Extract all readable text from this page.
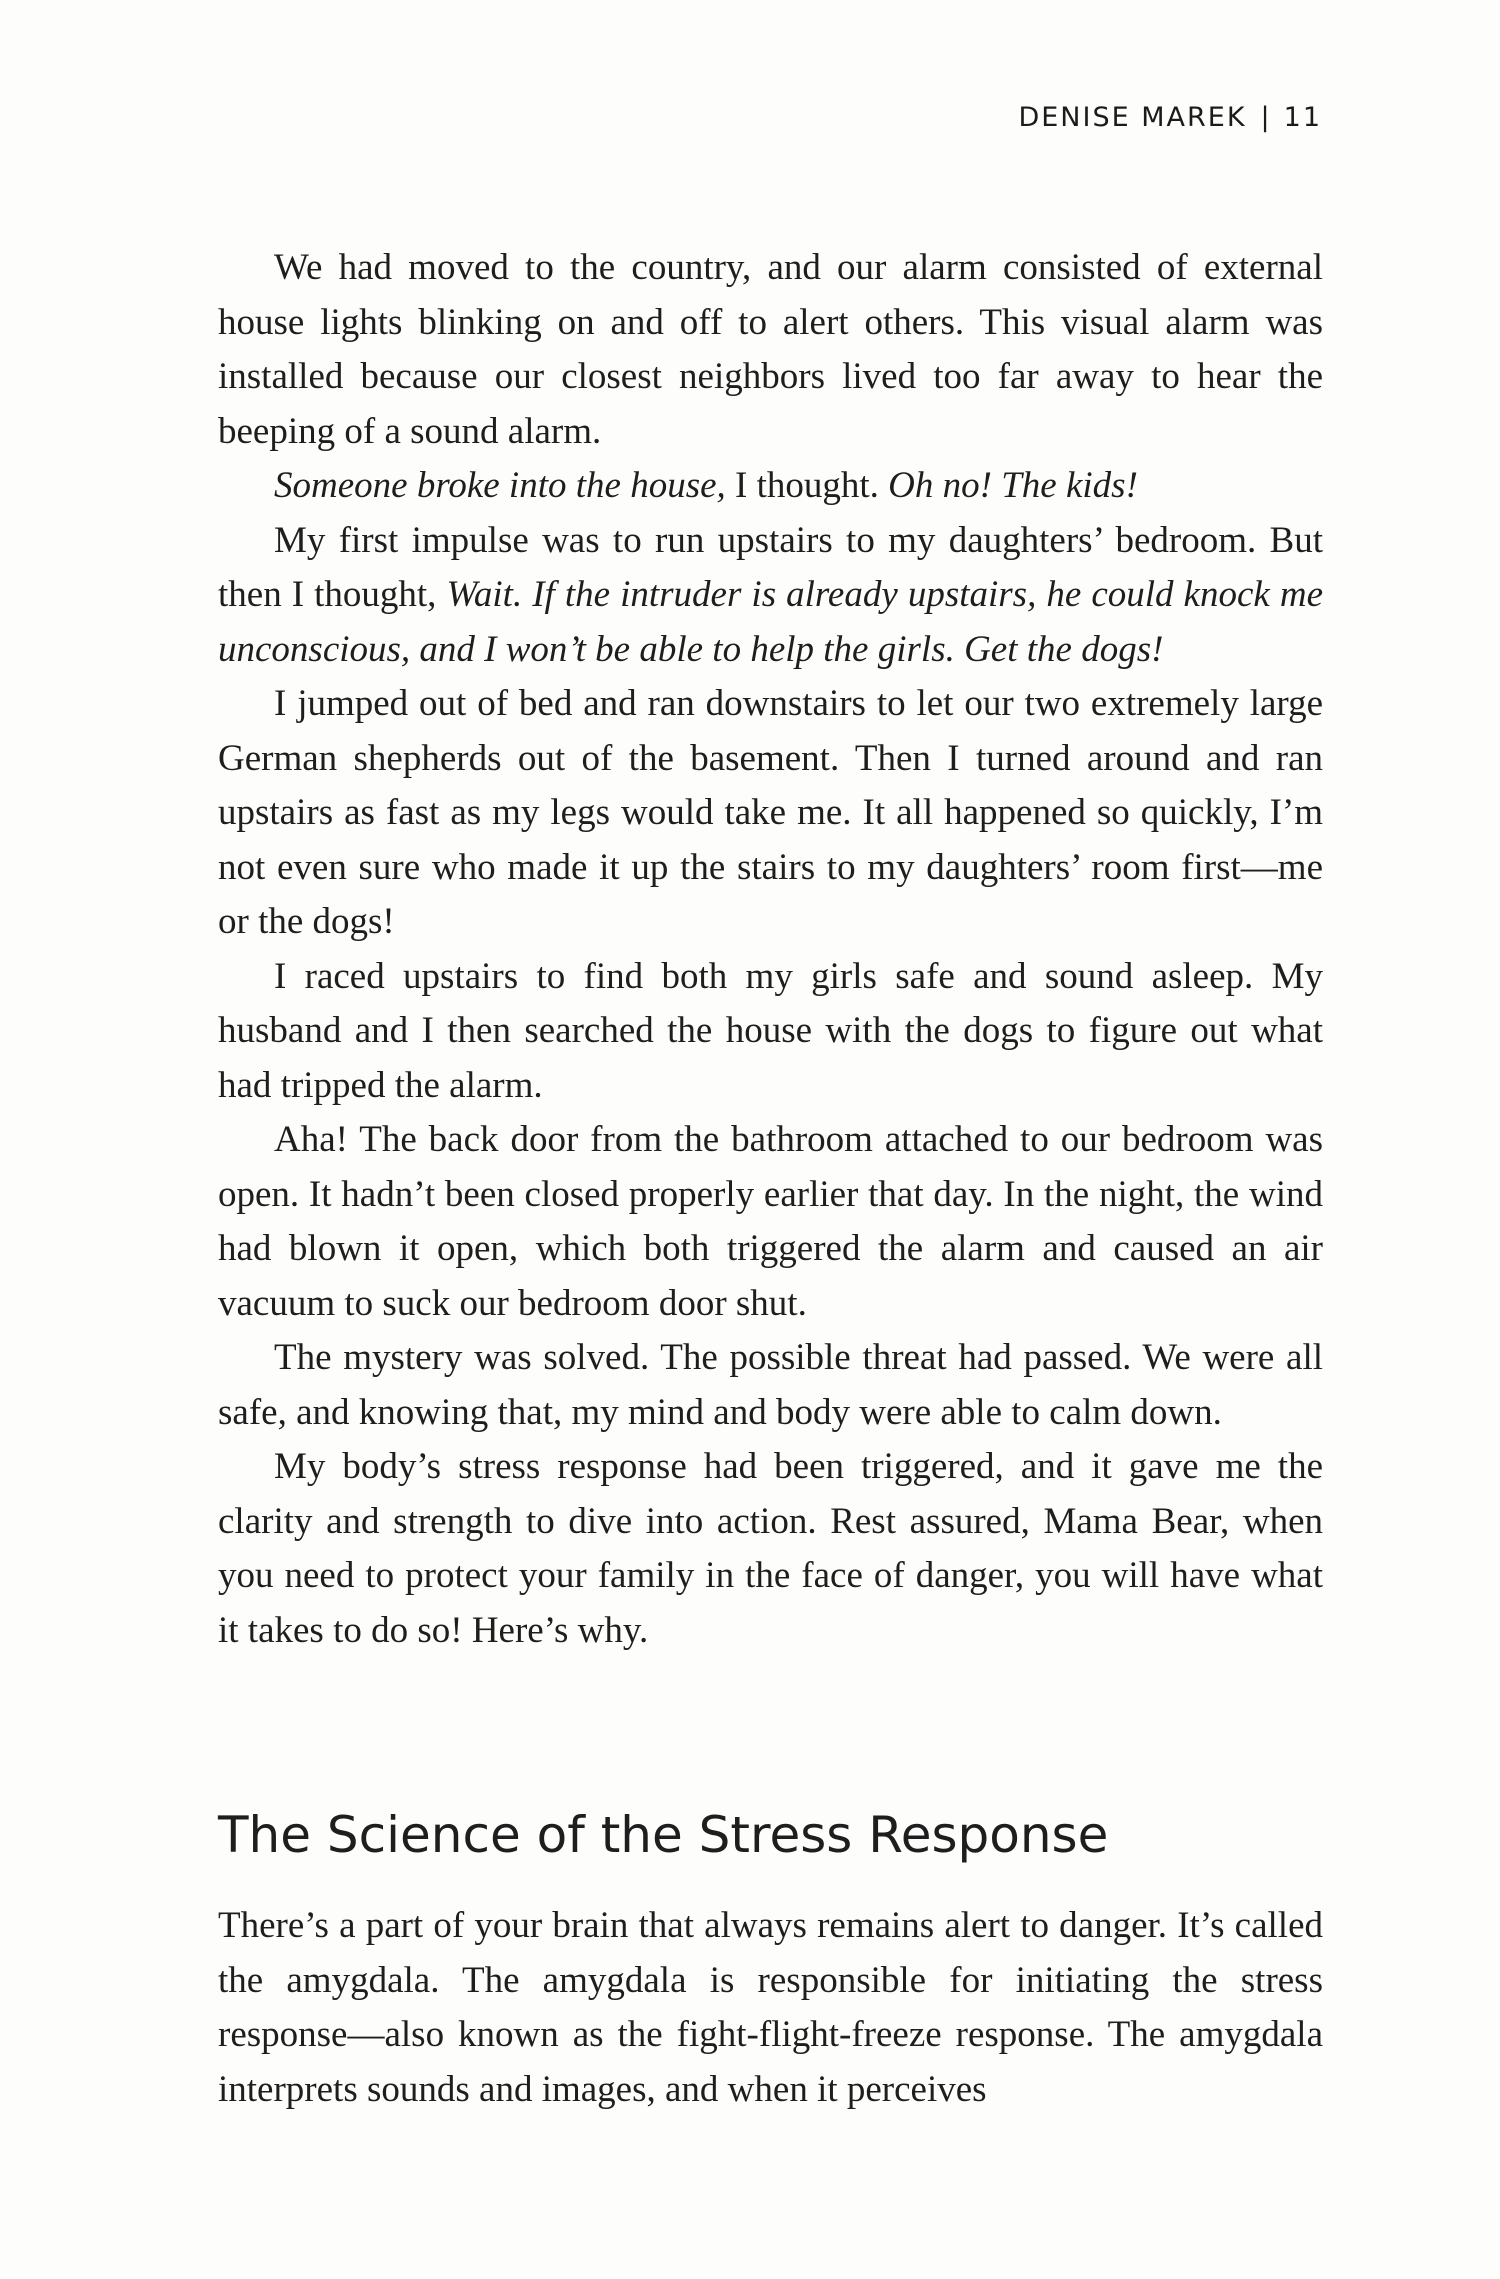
DENISE MAREK | 11

We had moved to the country, and our alarm consisted of external house lights blinking on and off to alert others. This visual alarm was installed because our closest neighbors lived too far away to hear the beeping of a sound alarm.

Someone broke into the house, I thought. Oh no! The kids!

My first impulse was to run upstairs to my daughters’ bedroom. But then I thought, Wait. If the intruder is already upstairs, he could knock me unconscious, and I won’t be able to help the girls. Get the dogs!

I jumped out of bed and ran downstairs to let our two extremely large German shepherds out of the basement. Then I turned around and ran upstairs as fast as my legs would take me. It all happened so quickly, I’m not even sure who made it up the stairs to my daughters’ room first—me or the dogs!

I raced upstairs to find both my girls safe and sound asleep. My husband and I then searched the house with the dogs to figure out what had tripped the alarm.

Aha! The back door from the bathroom attached to our bedroom was open. It hadn’t been closed properly earlier that day. In the night, the wind had blown it open, which both triggered the alarm and caused an air vacuum to suck our bedroom door shut.

The mystery was solved. The possible threat had passed. We were all safe, and knowing that, my mind and body were able to calm down.

My body’s stress response had been triggered, and it gave me the clarity and strength to dive into action. Rest assured, Mama Bear, when you need to protect your family in the face of danger, you will have what it takes to do so! Here’s why.

The Science of the Stress Response

There’s a part of your brain that always remains alert to danger. It’s called the amygdala. The amygdala is responsible for initiating the stress response—also known as the fight-flight-freeze response. The amygdala interprets sounds and images, and when it perceives
